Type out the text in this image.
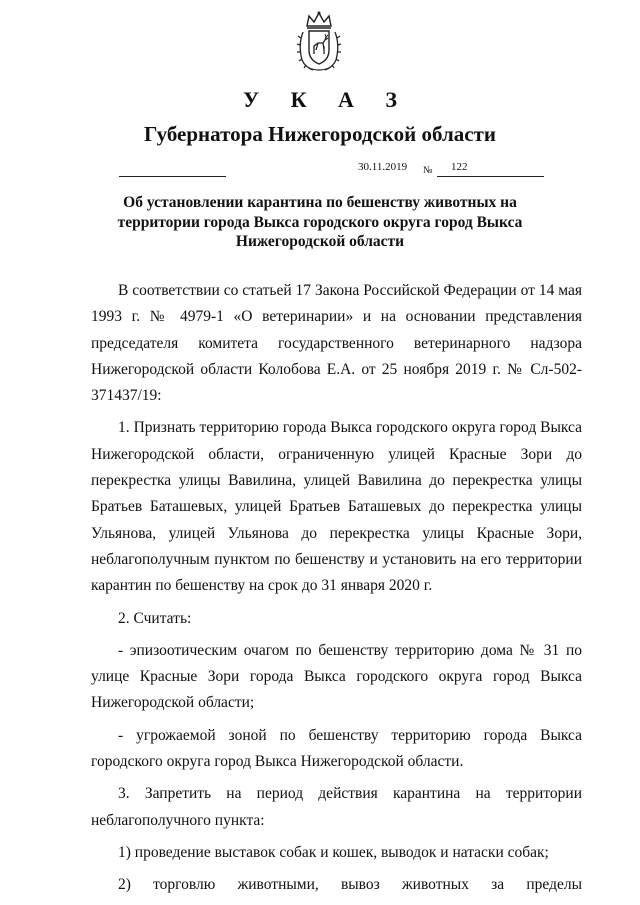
У К А З
Губернатора Нижегородской области
30.11.2019 № 122
Об установлении карантина по бешенству животных на территории города Выкса городского округа город Выкса Нижегородской области

В соответствии со статьей 17 Закона Российской Федерации от 14 мая 1993 г. № 4979-1 «О ветеринарии» и на основании представления председателя комитета государственного ветеринарного надзора Нижегородской области Колобова Е.А. от 25 ноября 2019 г. № Сл-502-371437/19:

1. Признать территорию города Выкса городского округа город Выкса Нижегородской области, ограниченную улицей Красные Зори до перекрестка улицы Вавилина, улицей Вавилина до перекрестка улицы Братьев Баташевых, улицей Братьев Баташевых до перекрестка улицы Ульянова, улицей Ульянова до перекрестка улицы Красные Зори, неблагополучным пунктом по бешенству и установить на его территории карантин по бешенству на срок до 31 января 2020 г.

2. Считать:

- эпизоотическим очагом по бешенству территорию дома № 31 по улице Красные Зори города Выкса городского округа город Выкса Нижегородской области;

- угрожаемой зоной по бешенству территорию города Выкса городского округа город Выкса Нижегородской области.

3. Запретить на период действия карантина на территории неблагополучного пункта:

1) проведение выставок собак и кошек, выводок и натаски собак;

2) торговлю животными, вывоз животных за пределы
